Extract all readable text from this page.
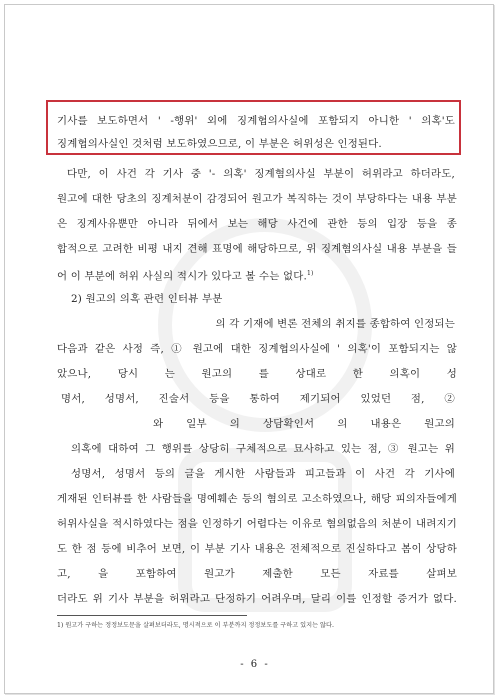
기사를 보도하면서 ' -행위' 외에 징계협의사실에 포함되지 아니한 ' 의혹'도
징계협의사실인 것처럼 보도하였으므로, 이 부분은 허위성은 인정된다.
다만, 이 사건 각 기사 중 '- 의혹' 징계혐의사실 부분이 허위라고 하더라도,
원고에 대한 당초의 징계처분이 감경되어 원고가 복직하는 것이 부당하다는 내용 부분
은 징계사유뿐만 아니라 뒤에서 보는 해당 사건에 관한 등의 입장 등을 종
합적으로 고려한 비평 내지 견해 표명에 해당하므로, 위 징계혐의사실 내용 부분을 들
어 이 부분에 허위 사실의 적시가 있다고 볼 수는 없다.$^{1)}$
2) 원고의 의혹 관련 인터뷰 부분
의 각 기재에 변론 전체의 취지를 종합하여 인정되는
다음과 같은 사정 즉, ① 원고에 대한 징계협의사실에 ' 의혹'이 포함되지는 않
았으나, 당시 는 원고의 를 상대로 한 의혹이 성
명서, 성명서, 진술서 등을 통하여 제기되어 있었던 점, ②
와 일부 의 상담확인서 의 내용은 원고의
의혹에 대하여 그 행위를 상당히 구체적으로 묘사하고 있는 점, ③ 원고는 위
성명서, 성명서 등의 글을 게시한 사람들과 피고들과 이 사건 각 기사에
게재된 인터뷰를 한 사람들을 명예훼손 등의 혐의로 고소하였으나, 해당 피의자들에게
허위사실을 적시하였다는 점을 인정하기 어렵다는 이유로 혐의없음의 처분이 내려지기
도 한 점 등에 비추어 보면, 이 부분 기사 내용은 전체적으로 진실하다고 봄이 상당하
고, 을 포함하여 원고가 제출한 모든 자료를 살펴보
더라도 위 기사 부분을 허위라고 단정하기 어려우며, 달리 이를 인정할 증거가 없다.
1) 원고가 구하는 정정보도문을 살펴보더라도, 명시적으로 이 부분까지 정정보도를 구하고 있지는 않다.
- 6 -
